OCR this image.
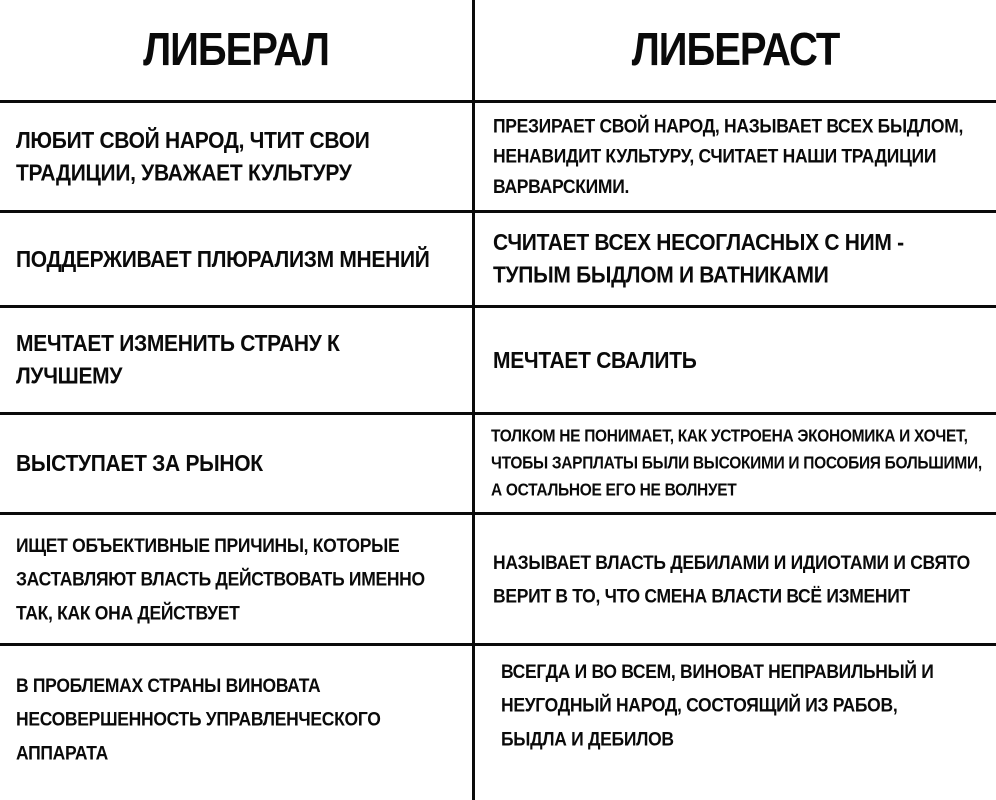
ЛИБЕРАЛ	ЛИБЕРАСТ
ЛЮБИТ СВОЙ НАРОД, ЧТИТ СВОИ ТРАДИЦИИ, УВАЖАЕТ КУЛЬТУРУ
ПРЕЗИРАЕТ СВОЙ НАРОД, НАЗЫВАЕТ ВСЕХ БЫДЛОМ, НЕНАВИДИТ КУЛЬТУРУ, СЧИТАЕТ НАШИ ТРАДИЦИИ ВАРВАРСКИМИ.
ПОДДЕРЖИВАЕТ ПЛЮРАЛИЗМ МНЕНИЙ
СЧИТАЕТ ВСЕХ НЕСОГЛАСНЫХ С НИМ - ТУПЫМ БЫДЛОМ И ВАТНИКАМИ
МЕЧТАЕТ ИЗМЕНИТЬ СТРАНУ К ЛУЧШЕМУ
МЕЧТАЕТ СВАЛИТЬ
ВЫСТУПАЕТ ЗА РЫНОК
ТОЛКОМ НЕ ПОНИМАЕТ, КАК УСТРОЕНА ЭКОНОМИКА И ХОЧЕТ, ЧТОБЫ ЗАРПЛАТЫ БЫЛИ ВЫСОКИМИ И ПОСОБИЯ БОЛЬШИМИ, А ОСТАЛЬНОЕ ЕГО НЕ ВОЛНУЕТ
ИЩЕТ ОБЪЕКТИВНЫЕ ПРИЧИНЫ, КОТОРЫЕ ЗАСТАВЛЯЮТ ВЛАСТЬ ДЕЙСТВОВАТЬ ИМЕННО ТАК, КАК ОНА ДЕЙСТВУЕТ
НАЗЫВАЕТ ВЛАСТЬ ДЕБИЛАМИ И ИДИОТАМИ И СВЯТО ВЕРИТ В ТО, ЧТО СМЕНА ВЛАСТИ ВСЁ ИЗМЕНИТ
В ПРОБЛЕМАХ СТРАНЫ ВИНОВАТА НЕСОВЕРШЕННОСТЬ УПРАВЛЕНЧЕСКОГО АППАРАТА
ВСЕГДА И ВО ВСЕМ, ВИНОВАТ НЕПРАВИЛЬНЫЙ И НЕУГОДНЫЙ НАРОД, СОСТОЯЩИЙ ИЗ РАБОВ, БЫДЛА И ДЕБИЛОВ
